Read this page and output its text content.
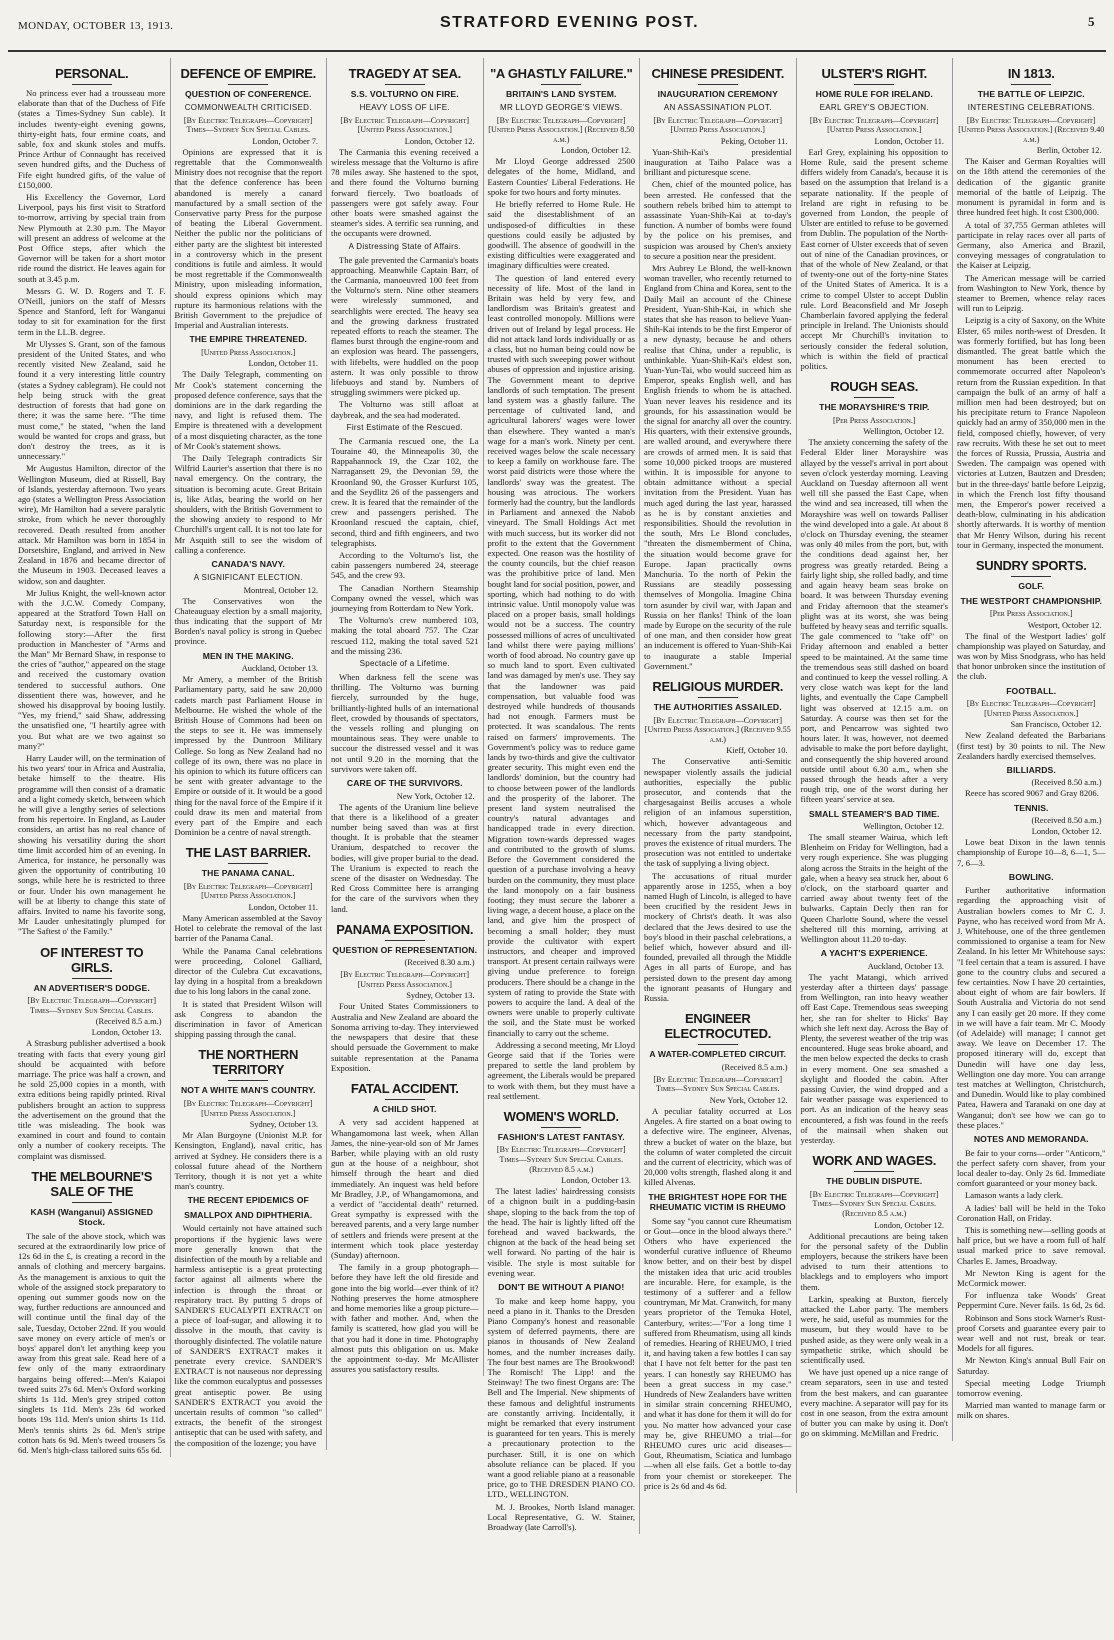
MONDAY, OCTOBER 13, 1913.	STRATFORD EVENING POST.	5
PERSONAL.

No princess ever had a trousseau more elaborate than that of the Duchess of Fife (states a Times-Sydney Sun cable). It includes twenty-eight evening gowns, thirty-eight hats, four ermine coats, and sable, fox and skunk stoles and muffs. Prince Arthur of Connaught has received seven hundred gifts, and the Duchess of Fife eight hundred gifts, of the value of £150,000.

His Excellency the Governor, Lord Liverpool, pays his first visit to Stratford to-morrow, arriving by special train from New Plymouth at 2.30 p.m. The Mayor will present an address of welcome at the Post Office steps, after which the Governor will be taken for a short motor ride round the district. He leaves again for south at 3.45 p.m.

Messrs G. W. D. Rogers and T. F. O'Neill, juniors on the staff of Messrs Spence and Stanford, left for Wanganui today to sit for examination for the first term in the LL.B. degree.

Mr Ulysses S. Grant, son of the famous president of the United States, and who recently visited New Zealand, said he found it a very interesting little country (states a Sydney cablegram). He could not help being struck with the great destruction of forests that had gone on there; it was the same here. "The time must come," he stated, "when the land would be wanted for crops and grass, but don't destroy the trees, as it is unnecessary."

Mr Augustus Hamilton, director of the Wellington Museum, died at Rissell, Bay of Islands, yesterday afternoon. Two years ago (states a Wellington Press Association wire), Mr Hamilton had a severe paralytic stroke, from which he never thoroughly recovered. Death resulted from another attack. Mr Hamilton was born in 1854 in Dorsetshire, England, and arrived in New Zealand in 1876 and became director of the Museum in 1903. Deceased leaves a widow, son and daughter.

Mr Julius Knight, the well-known actor with the J.C.W. Comedy Company, appeared at the Stratford Town Hall on Saturday next, is responsible for the following story:—After the first production in Manchester of "Arms and the Man" Mr Bernard Shaw, in response to the cries of "author," appeared on the stage and received the customary ovation tendered to successful authors. One dissentient there was, however, and he showed his disapproval by booing lustily. "Yes, my friend," said Shaw, addressing the unsatisfied one, "I heartily agree with you. But what are we two against so many?"

Harry Lauder will, on the termination of his two years' tour in Africa and Australia, betake himself to the theatre. His programme will then consist of a dramatic and a light comedy sketch, between which he will give a lengthy series of selections from his repertoire. In England, as Lauder considers, an artist has no real chance of showing his versatility during the short time limit accorded him of an evening. In America, for instance, he personally was given the opportunity of contributing 10 songs, while here he is restricted to three or four. Under his own management he will be at liberty to change this state of affairs. Invited to name his favorite song, Mr Lauder unhesitatingly plumped for "The Saftest o' the Family."

OF INTEREST TO GIRLS.
AN ADVERTISER'S DODGE.
[By Electric Telegraph—Copyright] Times—Sydney Sun Special Cables.
(Received 8.5 a.m.)
London, October 13.

A Strasburg publisher advertised a book treating with facts that every young girl should be acquainted with before marriage. The price was half a crown, and he sold 25,000 copies in a month, with extra editions being rapidly printed. Rival publishers brought an action to suppress the advertisement on the ground that the title was misleading. The book was examined in court and found to contain only a number of cookery receipts. The complaint was dismissed.

THE MELBOURNE'S SALE OF THE
KASH (Wanganui) ASSIGNED Stock.

The sale of the above stock, which was secured at the extraordinarily low price of 12s 6d in the £, is creating a record in the annals of clothing and mercery bargains. As the management is anxious to quit the whole of the assigned stock preparatory to opening out summer goods now on the way, further reductions are announced and will continue until the final day of the sale, Tuesday, October 22nd. If you would save money on every article of men's or boys' apparel don't let anything keep you away from this great sale. Read here of a few only of the many extraordinary bargains being offered:—Men's Kaiapoi tweed suits 27s 6d. Men's Oxford working shirts 1s 11d. Men's grey striped cotton singlets 1s 11d. Men's 23s 6d worked boots 19s 11d. Men's union shirts 1s 11d. Men's tennis shirts 2s 6d. Men's stripe cotton hats 6s 9d. Men's tweed trousers 5s 6d. Men's high-class tailored suits 65s 6d.

DEFENCE OF EMPIRE.
QUESTION OF CONFERENCE.
COMMONWEALTH CRITICISED.
[By Electric Telegraph—Copyright] Times—Sydney Sun Special Cables.
London, October 7.

Opinions are expressed that it is regrettable that the Commonwealth Ministry does not recognise that the report that the defence conference has been abandoned is merely a canard manufactured by a small section of the Conservative party Press for the purpose of beating the Liberal Government. Neither the public nor the politicians of either party are the slightest bit interested in a controversy which in the present conditions is futile and aimless. It would be most regrettable if the Commonwealth Ministry, upon misleading information, should express opinions which may rupture its harmonious relations with the British Government to the prejudice of Imperial and Australian interests.

THE EMPIRE THREATENED.
[United Press Association.]
London, October 11.

The Daily Telegraph, commenting on Mr Cook's statement concerning the proposed defence conference, says that the dominions are in the dark regarding the navy, and light is refused them. The Empire is threatened with a development of a most disquieting character, as the tone of Mr Cook's statement shows.

The Daily Telegraph contradicts Sir Wilfrid Laurier's assertion that there is no naval emergency. On the contrary, the situation is becoming acute. Great Britain is, like Atlas, bearing the world on her shoulders, with the British Government to the showing anxiety to respond to Mr Churchill's urgent call. It is not too late for Mr Asquith still to see the wisdom of calling a conference.

CANADA'S NAVY.
A SIGNIFICANT ELECTION.
Montreal, October 12.

The Conservatives won the Chateauguay election by a small majority, thus indicating that the support of Mr Borden's naval policy is strong in Quebec province.

MEN IN THE MAKING.
Auckland, October 13.

Mr Amery, a member of the British Parliamentary party, said he saw 20,000 cadets march past Parliament House in Melbourne. He wished the whole of the British House of Commons had been on the steps to see it. He was immensely impressed by the Duntroon Military College. So long as New Zealand had no college of its own, there was no place in his opinion to which its future officers can be sent with greater advantage to the Empire or outside of it. It would be a good thing for the naval force of the Empire if it could draw its men and material from every part of the Empire and each Dominion be a centre of naval strength.

THE LAST BARRIER.
THE PANAMA CANAL.
[By Electric Telegraph—Copyright] [United Press Association.]
London, October 11.

Many American assembled at the Savoy Hotel to celebrate the removal of the last barrier of the Panama Canal.

While the Panama Canal celebrations were proceeding, Colonel Galliard, director of the Culebra Cut excavations, lay dying in a hospital from a breakdown due to his long labors in the canal zone.

It is stated that President Wilson will ask Congress to abandon the discrimination in favor of American shipping passing through the canal.

THE NORTHERN TERRITORY
NOT A WHITE MAN'S COUNTRY.
[By Electric Telegraph—Copyright] [United Press Association.]
Sydney, October 13.

Mr Alan Burgoyne (Unionist M.P. for Kensington, England), naval critic, has arrived at Sydney. He considers there is a colossal future ahead of the Northern Territory, though it is not yet a white man's country.

THE RECENT EPIDEMICS OF
SMALLPOX AND DIPHTHERIA.

Would certainly not have attained such proportions if the hygienic laws were more generally known that the disinfection of the mouth by a reliable and harmless antiseptic is a great protecting factor against all ailments where the infection is through the throat or respiratory tract. By putting 5 drops of SANDER'S EUCALYPTI EXTRACT on a piece of loaf-sugar, and allowing it to dissolve in the mouth, that cavity is thoroughly disinfected. The volatile nature of SANDER'S EXTRACT makes it penetrate every crevice. SANDER'S EXTRACT is not nauseous nor depressing like the common eucalyptus and possesses great antiseptic power. Be using SANDER'S EXTRACT you avoid the uncertain results of common "so called" extracts, the benefit of the strongest antiseptic that can be used with safety, and the composition of the lozenge; you have

TRAGEDY AT SEA.
S.S. VOLTURNO ON FIRE.
HEAVY LOSS OF LIFE.
[By Electric Telegraph—Copyright] [United Press Association.]
London, October 12.

The Carmania this evening received a wireless message that the Volturno is afire 78 miles away. She hastened to the spot, and there found the Volturno burning forward fiercely. Two boatloads of passengers were got safely away. Four other boats were smashed against the steamer's sides. A terrific sea running, and the occupants were drowned.

A Distressing State of Affairs.

The gale prevented the Carmania's boats approaching. Meanwhile Captain Barr, of the Carmania, manoeuvred 100 feet from the Volturno's stern. Nine other steamers were wirelessly summoned, and searchlights were erected. The heavy sea and the growing darkness frustrated repeated efforts to reach the steamer. The flames burst through the engine-room and an explosion was heard. The passengers, with lifebelts, were huddled on the poop astern. It was only possible to throw lifebuoys and stand by. Numbers of struggling swimmers were picked up.

The Volturno was still afloat at daybreak, and the sea had moderated.

First Estimate of the Rescued.

The Carmania rescued one, the La Touraine 40, the Minneapolis 30, the Rappahannock 19, the Czar 102, the Narragansett 29, the Devonian 59, the Kroonland 90, the Grosser Kurfurst 105, and the Seydlitz 26 of the passengers and crew. It is feared that the remainder of the crew and passengers perished. The Kroonland rescued the captain, chief, second, third and fifth engineers, and two telegraphists.

According to the Volturno's list, the cabin passengers numbered 24, steerage 545, and the crew 93.

The Canadian Northern Steamship Company owned the vessel, which was journeying from Rotterdam to New York.

The Volturno's crew numbered 103, making the total aboard 757. The Czar rescued 112, making the total saved 521 and the missing 236.

Spectacle of a Lifetime.

When darkness fell the scene was thrilling. The Volturno was burning fiercely, surrounded by the huge, brilliantly-lighted hulls of an international fleet, crowded by thousands of spectators, the vessels rolling and plunging on mountainous seas. They were unable to succour the distressed vessel and it was not until 9.20 in the morning that the survivors were taken off.

CARE OF THE SURVIVORS.
New York, October 12.

The agents of the Uranium line believe that there is a likelihood of a greater number being saved than was at first thought. It is probable that the steamer Uranium, despatched to recover the bodies, will give proper burial to the dead. The Uranium is expected to reach the scene of the disaster on Wednesday. The Red Cross Committee here is arranging for the care of the survivors when they land.

PANAMA EXPOSITION.
QUESTION OF REPRESENTATION.
(Received 8.30 a.m.)
[By Electric Telegraph—Copyright] [United Press Association.]
Sydney, October 13.

Four United States Commissioners to Australia and New Zealand are aboard the Sonoma arriving to-day. They interviewed the newspapers that desire that these should persuade the Government to make suitable representation at the Panama Exposition.

FATAL ACCIDENT.
A CHILD SHOT.

A very sad accident happened at Whangamomona last week, when Allan James, the nine-year-old son of Mr James Barber, while playing with an old rusty gun at the house of a neighbour, shot himself through the heart and died immediately. An inquest was held before Mr Bradley, J.P., of Whangamomona, and a verdict of "accidental death" returned. Great sympathy is expressed with the bereaved parents, and a very large number of settlers and friends were present at the interment which took place yesterday (Sunday) afternoon.

The family in a group photograph—before they have left the old fireside and gone into the big world—ever think of it? Nothing preserves the home atmosphere and home memories like a group picture—with father and mother. And, when the family is scattered, how glad you will be that you had it done in time. Photography almost puts this obligation on us. Make the appointment to-day. Mr McAllister assures you satisfactory results.

"A GHASTLY FAILURE."
BRITAIN'S LAND SYSTEM.
MR LLOYD GEORGE'S VIEWS.
[By Electric Telegraph—Copyright] [United Press Association.] (Received 8.50 a.m.)
London, October 12.

Mr Lloyd George addressed 2500 delegates of the home, Midland, and Eastern Counties' Liberal Federations. He spoke for two hours and forty minutes.

He briefly referred to Home Rule. He said the disestablishment of an undisposed-of difficulties in these questions could easily be adjusted by goodwill. The absence of goodwill in the existing difficulties were exaggerated and imaginary difficulties were created.

The question of land entered every necessity of life. Most of the land in Britain was held by very few, and landlordism was Britain's greatest and least controlled monopoly. Millions were driven out of Ireland by legal process. He did not attack land lords individually or as a class, but no human being could now be trusted with such sweeping power without abuses of oppression and injustice arising. The Government meant to deprive landlords of such temptation. The present land system was a ghastly failure. The percentage of cultivated land, and agricultural laborers' wages were lower than elsewhere. They wanted a man's wage for a man's work. Ninety per cent. received wages below the scale necessary to keep a family on workhouse fare. The worst paid districts were those where the landlords' sway was the greatest. The housing was atrocious. The workers formerly had the country, but the landlords in Parliament and annexed the Nabob vineyard. The Small Holdings Act met with much success, but its worker did not profit to the extent that the Government expected. One reason was the hostility of the county councils, but the chief reason was the prohibitive price of land. Men bought land for social position, power, and sporting, which had nothing to do with intrinsic value. Until monopoly value was placed on a proper basis, small holdings would not be a success. The country possessed millions of acres of uncultivated land whilst there were paying millions' worth of food abroad. No country gave up so much land to sport. Even cultivated land was damaged by men's use. They say that the landowner was paid compensation, but valuable food was destroyed while hundreds of thousands had not enough. Farmers must be protected. It was scandalous. The rents raised on farmers' improvements. The Government's policy was to reduce game lands by two-thirds and give the cultivator greater security. This might even end the landlords' dominion, but the country had to choose between power of the landlords and the prosperity of the laborer. The present land system neutralised the country's natural advantages and handicapped trade in every direction. Migration town-wards depressed wages and contributed to the growth of slums. Before the Government considered the question of a purchase involving a heavy burden on the community, they must place the land monopoly on a fair business footing; they must secure the laborer a living wage, a decent house, a place on the land, and give him the prospect of becoming a small holder; they must provide the cultivator with expert instructors, and cheaper and improved transport. At present certain railways were giving undue preference to foreign producers. There should be a change in the system of rating to provide the State with powers to acquire the land. A deal of the owners were unable to properly cultivate the soil, and the State must be worked financially to carry out the scheme.

Addressing a second meeting, Mr Lloyd George said that if the Tories were prepared to settle the land problem by agreement, the Liberals would be prepared to work with them, but they must have a real settlement.

WOMEN'S WORLD.
FASHION'S LATEST FANTASY.
[By Electric Telegraph—Copyright] Times—Sydney Sun Special Cables. (Received 8.5 a.m.)
London, October 13.

The latest ladies' hairdressing consists of a chignon built in a pudding-basin shape, sloping to the back from the top of the head. The hair is lightly lifted off the forehead and waved backwards, the chignon at the back of the head being set well forward. No parting of the hair is visible. The style is most suitable for evening wear.

DON'T BE WITHOUT A PIANO!

To make and keep home happy, you need a piano in it. Thanks to the Dresden Piano Company's honest and reasonable system of deferred payments, there are pianos in thousands of New Zealand homes, and the number increases daily. The four best names are The Brookwood! The Romisch! The Lipp! and the Steinway! The two finest Organs are: The Bell and The Imperial. New shipments of these famous and delightful instruments are constantly arriving. Incidentally, it might be remarked that every instrument is guaranteed for ten years. This is merely a precautionary protection to the purchaser. Still, it is one on which absolute reliance can be placed. If you want a good reliable piano at a reasonable price, go to THE DRESDEN PIANO CO. LTD., WELLINGTON.

M. J. Brookes, North Island manager. Local Representative, G. W. Stainer, Broadway (late Carroll's).

CHINESE PRESIDENT.
INAUGURATION CEREMONY
AN ASSASSINATION PLOT.
[By Electric Telegraph—Copyright] [United Press Association.]
Peking, October 11.

Yuan-Shih-Kai's presidential inauguration at Taiho Palace was a brilliant and picturesque scene.

Chen, chief of the mounted police, has been arrested. He confessed that the southern rebels bribed him to attempt to assassinate Yuan-Shih-Kai at to-day's function. A number of bombs were found by the police on his premises, and suspicion was aroused by Chen's anxiety to secure a position near the president.

Mrs Aubrey Le Blond, the well-known woman traveller, who recently returned to England from China and Korea, sent to the Daily Mail an account of the Chinese President, Yuan-Shih-Kai, in which she states that she has reason to believe Yuan-Shih-Kai intends to be the first Emperor of a new dynasty, because he and others realise that China, under a republic, is unthinkable. Yuan-Shih-Kai's eldest son, Yuan-Yun-Tai, who would succeed him as Emperor, speaks English well, and has English friends to whom he is attached. Yuan never leaves his residence and its grounds, for his assassination would be the signal for anarchy all over the country. His quarters, with their extensive grounds, are walled around, and everywhere there are crowds of armed men. It is said that some 10,000 picked troops are mustered within. It is impossible for anyone to obtain admittance without a special invitation from the President. Yuan has much aged during the last year, harassed as he is by constant anxieties and responsibilities. Should the revolution in the south, Mrs Le Blond concludes, "threaten the dismemberment of China, the situation would become grave for Europe. Japan practically owns Manchuria. To the north of Pekin the Russians are steadily possessing themselves of Mongolia. Imagine China torn asunder by civil war, with Japan and Russia on her flanks! Think of the loan made by Europe on the security of the rule of one man, and then consider how great an inducement is offered to Yuan-Shih-Kai to inaugurate a stable Imperial Government."

RELIGIOUS MURDER.
THE AUTHORITIES ASSAILED.
[By Electric Telegraph—Copyright] [United Press Association.] (Received 9.55 a.m.)
Kieff, October 10.

The Conservative anti-Semitic newspaper violently assails the judicial authorities, especially the public prosecutor, and contends that the chargesagainst Beilis accuses a whole religion of an infamous superstition, which, however advantageous and necessary from the party standpoint, proves the existence of ritual murders. The prosecution was not entitled to undertake the task of supplying a living object.

The accusations of ritual murder apparently arose in 1255, when a boy named Hugh of Lincoln, is alleged to have been crucified by the resident Jews in mockery of Christ's death. It was also declared that the Jews desired to use the boy's blood in their paschal celebrations, a belief which, however absurd and ill-founded, prevailed all through the Middle Ages in all parts of Europe, and has persisted down to the present day among the ignorant peasants of Hungary and Russia.

ENGINEER ELECTROCUTED.
A WATER-COMPLETED CIRCUIT.
(Received 8.5 a.m.)
[By Electric Telegraph—Copyright] Times—Sydney Sun Special Cables.
New York, October 12.

A peculiar fatality occurred at Los Angeles. A fire started on a boat owing to a defective wire. The engineer, Alvenas, threw a bucket of water on the blaze, but the column of water completed the circuit and the current of electricity, which was of 20,000 volts strength, flashed along it and killed Alvenas.

THE BRIGHTEST HOPE FOR THE RHEUMATIC VICTIM IS RHEUMO

Some say "you cannot cure Rheumatism or Gout—once in the blood always there." Others who have experienced the wonderful curative influence of Rheumo know better, and on their best by dispel the mistaken idea that uric acid troubles are incurable. Here, for example, is the testimony of a sufferer and a fellow countryman, Mr Mat. Cranwitch, for many years proprietor of the Temuka Hotel, Canterbury, writes:—"For a long time I suffered from Rheumatism, using all kinds of remedies. Hearing of RHEUMO, I tried it, and having taken a few bottles I can say that I have not felt better for the past ten years. I can honestly say RHEUMO has been a great success in my case." Hundreds of New Zealanders have written in similar strain concerning RHEUMO, and what it has done for them it will do for you. No matter how advanced your case may be, give RHEUMO a trial—for RHEUMO cures uric acid diseases—Gout, Rheumatism, Sciatica and lumbago—when all else fails. Get a bottle to-day from your chemist or storekeeper. The price is 2s 6d and 4s 6d.

ULSTER'S RIGHT.
HOME RULE FOR IRELAND.
EARL GREY'S OBJECTION.
[By Electric Telegraph—Copyright] [United Press Association.]
London, October 11.

Earl Grey, explaining his opposition to Home Rule, said the present scheme differs widely from Canada's, because it is based on the assumption that Ireland is a separate nationality. If the people of Ireland are right in refusing to be governed from London, the people of Ulster are entitled to refuse to be governed from Dublin. The population of the North-East corner of Ulster exceeds that of seven out of nine of the Canadian provinces, or that of the whole of New Zealand, or that of twenty-one out of the forty-nine States of the United States of America. It is a crime to compel Ulster to accept Dublin rule. Lord Beaconsfield and Mr Joseph Chamberlain favored applying the federal principle in Ireland. The Unionists should accept Mr Churchill's invitation to seriously consider the federal solution, which is within the field of practical politics.

ROUGH SEAS.
THE MORAYSHIRE'S TRIP.
[Per Press Association.]
Wellington, October 12.

The anxiety concerning the safety of the Federal Elder liner Morayshire was allayed by the vessel's arrival in port about seven o'clock yesterday morning. Leaving Auckland on Tuesday afternoon all went well till she passed the East Cape, when the wind and sea increased, till when the Morayshire was well on towards Palliser the wind developed into a gale. At about 8 o'clock on Thursday evening, the steamer was only 40 miles from the port, but, with the conditions dead against her, her progress was greatly retarded. Being a fairly light ship, she rolled badly, and time and again heavy beam seas broke on board. It was between Thursday evening and Friday afternoon that the steamer's plight was at its worst, she was being buffeted by heavy seas and terrific squalls. The gale commenced to "take off" on Friday afternoon and enabled a better speed to be maintained. At the same time the tremendous seas still dashed on board and continued to keep the vessel rolling. A very close watch was kept for the land lights, and eventually the Cape Campbell light was observed at 12.15 a.m. on Saturday. A course was then set for the port, and Pencarrow was sighted two hours later. It was, however, not deemed advisable to make the port before daylight, and consequently the ship hovered around outside until about 6.30 a.m., when she passed through the heads after a very rough trip, one of the worst during her fifteen years' service at sea.

SMALL STEAMER'S BAD TIME.
Wellington, October 12.

The small steamer Wairua, which left Blenheim on Friday for Wellington, had a very rough experience. She was plugging along across the Straits in the height of the gale, when a heavy sea struck her, about 6 o'clock, on the starboard quarter and carried away about twenty feet of the bulwarks. Captain Decly then ran for Queen Charlotte Sound, where the vessel sheltered till this morning, arriving at Wellington about 11.20 to-day.

A YACHT'S EXPERIENCE.
Auckland, October 13.

The yacht Matangi, which arrived yesterday after a thirteen days' passage from Wellington, ran into heavy weather off East Cape. Tremendous seas sweeping her, she ran for shelter to Hicks' Bay which she left next day. Across the Bay of Plenty, the severest weather of the trip was encountered. Huge seas broke aboard, and the men below expected the decks to crash in every moment. One sea smashed a skylight and flooded the cabin. After passing Cuvier, the wind dropped and a fair weather passage was experienced to port. As an indication of the heavy seas encountered, a fish was found in the reefs of the mainsail when shaken out yesterday.

WORK AND WAGES.
THE DUBLIN DISPUTE.
[By Electric Telegraph—Copyright] Times—Sydney Sun Special Cables. (Received 8.5 a.m.)
London, October 12.

Additional precautions are being taken for the personal safety of the Dublin employers, because the strikers have been advised to turn their attentions to blacklegs and to employers who import them.

Larkin, speaking at Buxton, fiercely attacked the Labor party. The members were, he said, useful as mummies for the museum, but they would have to be pushed aside, as they were only weak in a sympathetic strike, which should be scientifically used.

We have just opened up a nice range of cream separators, seen in use and tested from the best makers, and can guarantee every machine. A separator will pay for its cost in one season, from the extra amount of butter you can make by using it. Don't go on skimming. McMillan and Fredric.

IN 1813.
THE BATTLE OF LEIPZIC.
INTERESTING CELEBRATIONS.
[By Electric Telegraph—Copyright] [United Press Association.] (Received 9.40 a.m.)
Berlin, October 12.

The Kaiser and German Royalties will on the 18th attend the ceremonies of the dedication of the gigantic granite memorial of the battle of Leipzig. The monument is pyramidal in form and is three hundred feet high. It cost £300,000.

A total of 37,755 German athletes will participate in relay races over all parts of Germany, also America and Brazil, conveying messages of congratulation to the Kaiser at Leipzig.

The American message will be carried from Washington to New York, thence by steamer to Bremen, whence relay races will run to Leipzig.

Leipzig is a city of Saxony, on the White Elster, 65 miles north-west of Dresden. It was formerly fortified, but has long been dismantled. The great battle which the monument has been erected to commemorate occurred after Napoleon's return from the Russian expedition. In that campaign the bulk of an army of half a million men had been destroyed; but on his precipitate return to France Napoleon quickly had an army of 350,000 men in the field, composed chiefly, however, of very raw recruits. With these he set out to meet the forces of Russia, Prussia, Austria and Sweden. The campaign was opened with victories at Lutzen, Bautzen and Dresden; but in the three-days' battle before Leipzig, in which the French lost fifty thousand men, the Emperor's power received a death-blow, culminating in his abdication shortly afterwards. It is worthy of mention that Mr Henry Wilson, during his recent tour in Germany, inspected the monument.

SUNDRY SPORTS.
GOLF.
THE WESTPORT CHAMPIONSHIP.
[Per Press Association.]
Westport, October 12.

The final of the Westport ladies' golf championship was played on Saturday, and was won by Miss Snodgrass, who has held that honor unbroken since the institution of the club.

FOOTBALL.
[By Electric Telegraph—Copyright] [United Press Association.]
San Francisco, October 12.

New Zealand defeated the Barbarians (first test) by 30 points to nil. The New Zealanders hardly exercised themselves.

BILLIARDS.
(Received 8.50 a.m.)

Reece has scored 9067 and Gray 8206.

TENNIS.
(Received 8.50 a.m.)
London, October 12.

Lowe beat Dixon in the lawn tennis championship of Europe 10—8, 6—1, 5—7, 6—3.

BOWLING.

Further authoritative information regarding the approaching visit of Australian bowlers comes to Mr C. J. Payne, who has received word from Mr A. J. Whitehouse, one of the three gentlemen commissioned to organise a team for New Zealand. In his letter Mr Whitehouse says: "I feel certain that a team is assured. I have gone to the country clubs and secured a few certainties. Now I have 20 certainties, about eight of whom are fair bowlers. If South Australia and Victoria do not send any I can easily get 20 more. If they come in we will have a fair team. Mr C. Moody (of Adelaide) will manage; I cannot get away. We leave on December 17. The proposed itinerary will do, except that Dunedin will have one day less, Wellington one day more. You can arrange test matches at Wellington, Christchurch, and Dunedin. Would like to play combined Patea, Hawera and Taranaki on one day at Wanganui; don't see how we can go to these places."

NOTES AND MEMORANDA.

Be fair to your corns—order "Anticorn," the perfect safety corn shaver, from your local dealer to-day. Only 2s 6d. Immediate comfort guaranteed or your money back.

Lamason wants a lady clerk.

A ladies' ball will be held in the Toko Coronation Hall, on Friday.

This is something new—selling goods at half price, but we have a room full of half usual marked price to save removal. Charles E. James, Broadway.

Mr Newton King is agent for the McCormick mower.

For influenza take Woods' Great Peppermint Cure. Never fails. 1s 6d, 2s 6d.

Robinson and Sons stock Warner's Rust-proof Corsets and guarantee every pair to wear well and not rust, break or tear. Models for all figures.

Mr Newton King's annual Bull Fair on Saturday.

Special meeting Lodge Triumph tomorrow evening.

Married man wanted to manage farm or milk on shares.
